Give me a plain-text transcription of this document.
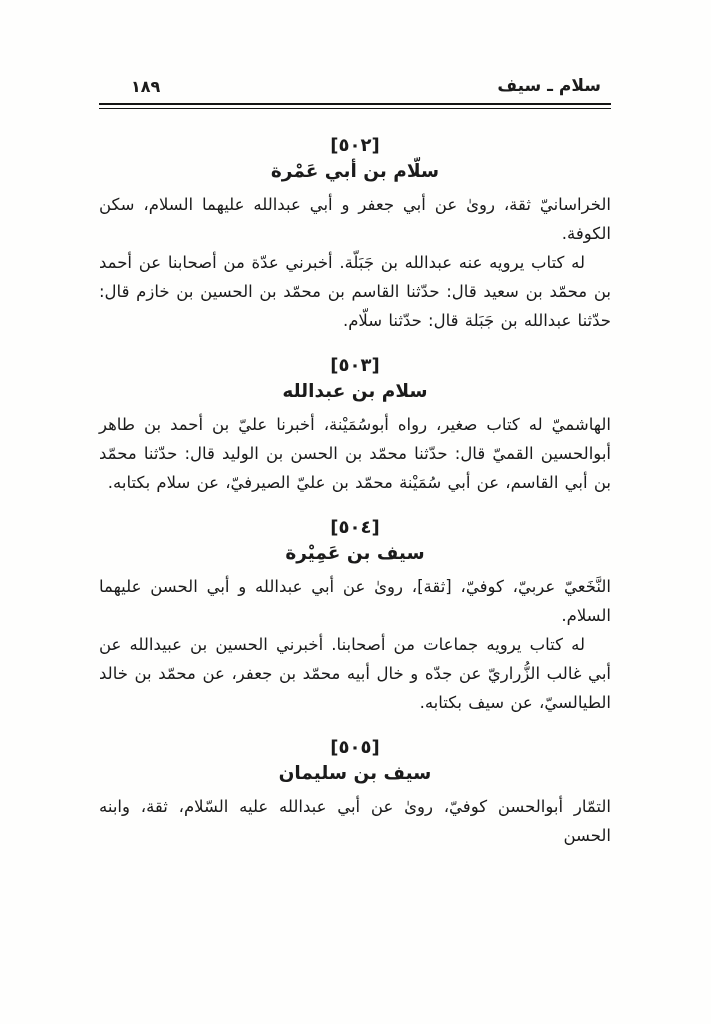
سلام ـ سيف
١٨٩
[٥٠٢]
سلّام بن أبي عَمْرة

الخراسانيّ ثقة، روىٰ عن أبي جعفر و أبي عبدالله عليهما السلام، سكن الكوفة.

له كتاب يرويه عنه عبدالله بن جَبَلّة. أخبرني عدّة من أصحابنا عن أحمد بن محمّد بن سعيد قال: حدّثنا القاسم بن محمّد بن الحسين بن خازم قال: حدّثنا عبدالله بن جَبَلة قال: حدّثنا سلّام.

[٥٠٣]
سلام بن عبدالله

الهاشميّ له كتاب صغير، رواه أبوسُمَيْنة، أخبرنا عليّ بن أحمد بن طاهر أبوالحسين القميّ قال: حدّثنا محمّد بن الحسن بن الوليد قال: حدّثنا محمّد بن أبي القاسم، عن أبي سُمَيْنة محمّد بن عليّ الصيرفيّ، عن سلام بكتابه.

[٥٠٤]
سيف بن عَمِيْرة

النَّخَعيّ عربيّ، كوفيّ، [ثقة]، روىٰ عن أبي عبدالله و أبي الحسن عليهما السلام.

له كتاب يرويه جماعات من أصحابنا. أخبرني الحسين بن عبيدالله عن أبي غالب الزُّراريّ عن جدّه و خال أبيه محمّد بن جعفر، عن محمّد بن خالد الطيالسيّ، عن سيف بكتابه.

[٥٠٥]
سيف بن سليمان

التمّار أبوالحسن كوفيّ، روىٰ عن أبي عبدالله عليه السّلام، ثقة، وابنه الحسن
